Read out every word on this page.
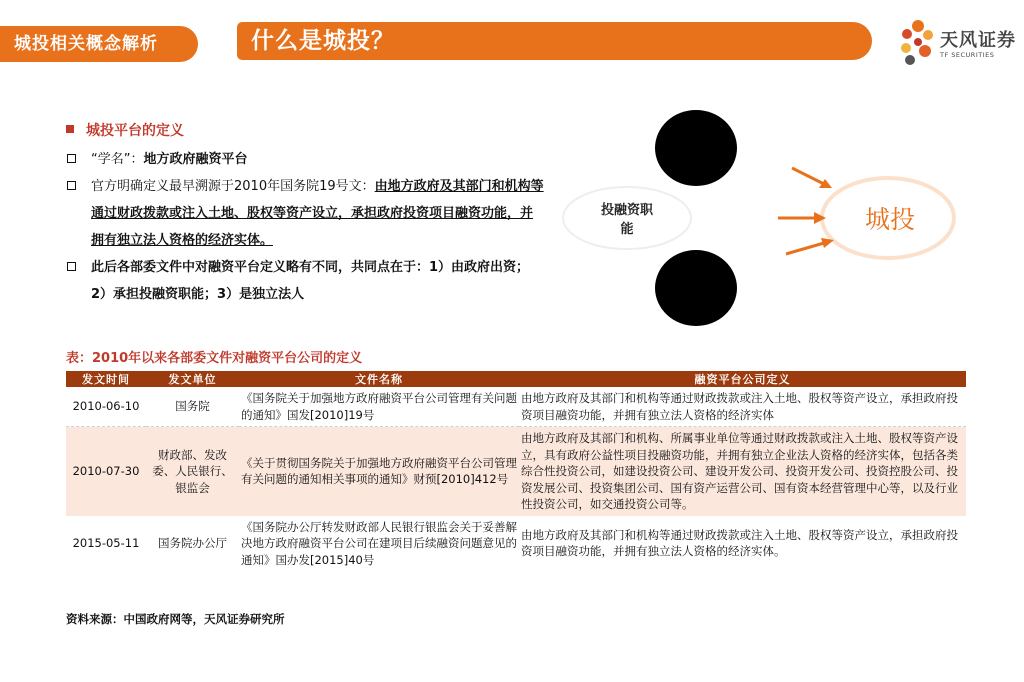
城投相关概念解析	什么是城投？	天风证券
TF SECURITIES
城投平台的定义
“学名”：地方政府融资平台
官方明确定义最早溯源于2010年国务院19号文：由地方政府及其部门和机构等通过财政拨款或注入土地、股权等资产设立，承担政府投资项目融资功能，并拥有独立法人资格的经济实体。
此后各部委文件中对融资平台定义略有不同，共同点在于：1）由政府出资；2）承担投融资职能；3）是独立法人
投融资职
能	城投
表：2010年以来各部委文件对融资平台公司的定义
发文时间	发文单位	文件名称	融资平台公司定义
2010-06-10	国务院	《国务院关于加强地方政府融资平台公司管理有关问题的通知》国发[2010]19号	由地方政府及其部门和机构等通过财政拨款或注入土地、股权等资产设立，承担政府投资项目融资功能，并拥有独立法人资格的经济实体
2010-07-30	财政部、发改委、人民银行、银监会	《关于贯彻国务院关于加强地方政府融资平台公司管理有关问题的通知相关事项的通知》财预[2010]412号	由地方政府及其部门和机构、所属事业单位等通过财政拨款或注入土地、股权等资产设立，具有政府公益性项目投融资功能，并拥有独立企业法人资格的经济实体，包括各类综合性投资公司，如建设投资公司、建设开发公司、投资开发公司、投资控股公司、投资发展公司、投资集团公司、国有资产运营公司、国有资本经营管理中心等，以及行业性投资公司，如交通投资公司等。
2015-05-11	国务院办公厅	《国务院办公厅转发财政部人民银行银监会关于妥善解决地方政府融资平台公司在建项目后续融资问题意见的通知》国办发[2015]40号	由地方政府及其部门和机构等通过财政拨款或注入土地、股权等资产设立，承担政府投资项目融资功能，并拥有独立法人资格的经济实体。
资料来源：中国政府网等，天风证券研究所
